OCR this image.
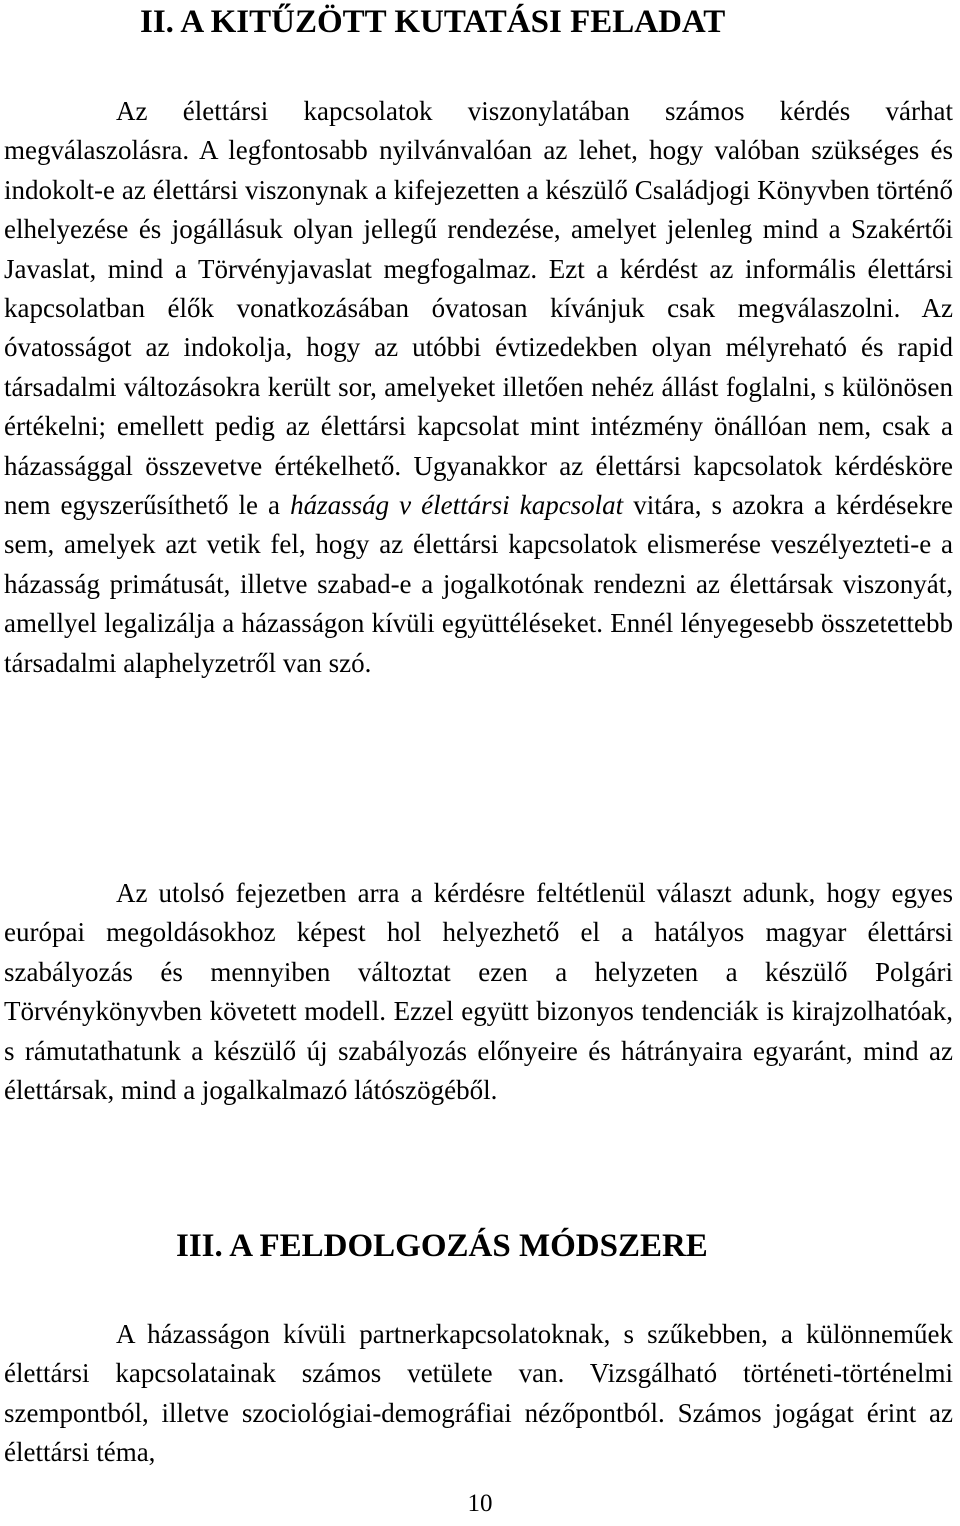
II. A KITŰZÖTT KUTATÁSI FELADAT

Az élettársi kapcsolatok viszonylatában számos kérdés várhat megválaszolásra. A legfontosabb nyilvánvalóan az lehet, hogy valóban szükséges és indokolt-e az élettársi viszonynak a kifejezetten a készülő Családjogi Könyvben történő elhelyezése és jogállásuk olyan jellegű rendezése, amelyet jelenleg mind a Szakértői Javaslat, mind a Törvényjavaslat megfogalmaz. Ezt a kérdést az informális élettársi kapcsolatban élők vonatkozásában óvatosan kívánjuk csak megválaszolni. Az óvatosságot az indokolja, hogy az utóbbi évtizedekben olyan mélyreható és rapid társadalmi változásokra került sor, amelyeket illetően nehéz állást foglalni, s különösen értékelni; emellett pedig az élettársi kapcsolat mint intézmény önállóan nem, csak a házassággal összevetve értékelhető. Ugyanakkor az élettársi kapcsolatok kérdésköre nem egyszerűsíthető le a házasság v élettársi kapcsolat vitára, s azokra a kérdésekre sem, amelyek azt vetik fel, hogy az élettársi kapcsolatok elismerése veszélyezteti-e a házasság primátusát, illetve szabad-e a jogalkotónak rendezni az élettársak viszonyát, amellyel legalizálja a házasságon kívüli együttéléseket. Ennél lényegesebb összetettebb társadalmi alaphelyzetről van szó.

Az utolsó fejezetben arra a kérdésre feltétlenül választ adunk, hogy egyes európai megoldásokhoz képest hol helyezhető el a hatályos magyar élettársi szabályozás és mennyiben változtat ezen a helyzeten a készülő Polgári Törvénykönyvben követett modell. Ezzel együtt bizonyos tendenciák is kirajzolhatóak, s rámutathatunk a készülő új szabályozás előnyeire és hátrányaira egyaránt, mind az élettársak, mind a jogalkalmazó látószögéből.

III. A FELDOLGOZÁS MÓDSZERE

A házasságon kívüli partnerkapcsolatoknak, s szűkebben, a különneműek élettársi kapcsolatainak számos vetülete van. Vizsgálható történeti-történelmi szempontból, illetve szociológiai-demográfiai nézőpontból. Számos jogágat érint az élettársi téma,

10
